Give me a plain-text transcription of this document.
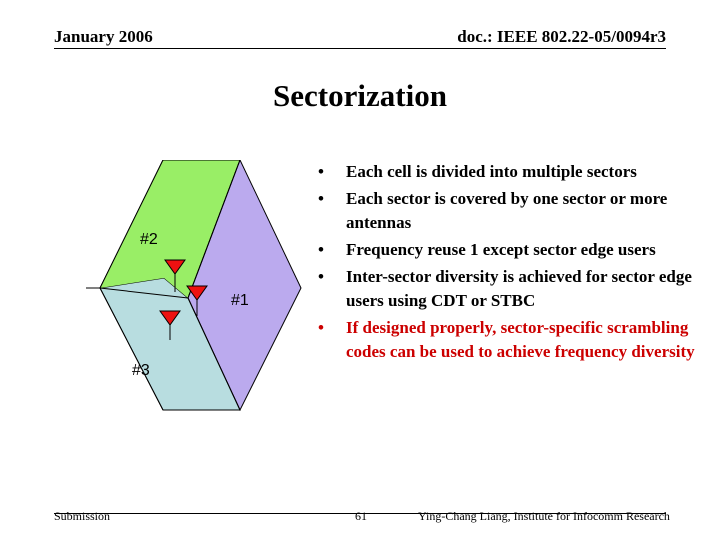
January 2006	doc.: IEEE 802.22-05/0094r3
Sectorization
#2
#1
#3
• Each cell is divided into multiple sectors
• Each sector is covered by one sector or more antennas
• Frequency reuse 1 except sector edge users
• Inter-sector diversity is achieved for sector edge users using CDT or STBC
• If designed properly, sector-specific scrambling codes can be used to achieve frequency diversity
Submission	61	Ying-Chang Liang, Institute for Infocomm Research
